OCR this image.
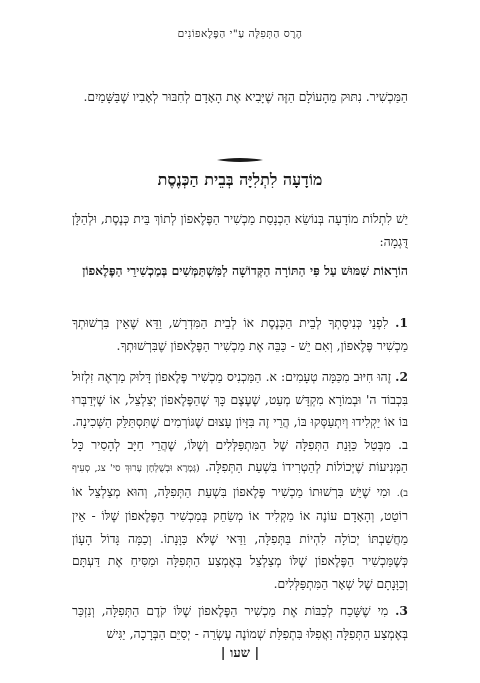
הֶרֶס הַתְּפִלָּה עַ"י הַפֶּלֶאפוֹנִים
הַמַּכְשִׁיר. נִתּוּק מֵהָעוֹלָם הַזֶּה שֶׁיָּבִיא אֶת הָאָדָם לְחִבּוּר לְאָבִיו שֶׁבַּשָּׁמַיִם.
מוֹדָעָה לִתְלִיָּה בְּבֵית הַכְּנֶסֶת
יֵשׁ לִתְלוֹת מוֹדָעָה בְּנוֹשֵׂא הַכְנָסַת מַכְשִׁיר הַפֶּלֶאפוֹן לְתוֹךְ בֵּית כְּנֶסֶת, וּלְהַלָּן דֻּגְמָה:
הוֹרָאוֹת שִׁמּוּשׁ עַל פִּי הַתּוֹרָה הַקְּדוֹשָׁה לַמִּשְׁתַּמְּשִׁים בְּמַכְשִׁירֵי הַפֶּלֶאפוֹן
1. לִפְנֵי כְּנִיסָתְךָ לְבֵית הַכְּנֶסֶת אוֹ לְבֵית הַמִּדְרָשׁ, וַדֵּא שֶׁאֵין בִּרְשׁוּתְךָ מַכְשִׁיר פֶּלֶאפוֹן, וְאִם יֵשׁ - כַּבֵּה אֶת מַכְשִׁיר הַפֶּלֶאפוֹן שֶׁבִּרְשׁוּתְךָ.
2. זֶהוּ חִיּוּב מִכַּמָּה טְעָמִים: א. הַמַּכְנִיס מַכְשִׁיר פֶּלֶאפוֹן דָּלוּק מַרְאֶה זִלְזוּל בִּכְבוֹד ה' וּבְמוֹרָא מִקְדָּשׁ מְעַט, שֶׁעֶצֶם כָּךְ שֶׁהַפֶּלֶאפוֹן יְצַלְצֵל, אוֹ שֶׁיְּדַבְּרוּ בּוֹ אוֹ יַקְלִידוּ וְיִתְעַסְּקוּ בּוֹ, הֲרֵי זֶה בִּזָּיוֹן עָצוּם שֶׁגּוֹרְמִים שֶׁתִּסְתַּלֵּק הַשְּׁכִינָה. ב. מִבְּטַל כַּוָּנַת הַתְּפִלָּה שֶׁל הַמִּתְפַּלְּלִים וְשֶׁלּוֹ, שֶׁהֲרֵי חַיָּב לְהָסִיר כָּל הַמְּנִיעוֹת שֶׁיְּכוֹלוֹת לְהַטְרִידוֹ בִּשְׁעַת הַתְּפִלָּה. (גְּמָרָא וּבְשֻׁלְחָן עָרוּךְ סי' צג, סְעִיף ב). וּמִי שֶׁיֵּשׁ בִּרְשׁוּתוֹ מַכְשִׁיר פֶּלֶאפוֹן בִּשְׁעַת הַתְּפִלָּה, וְהוּא מְצַלְצֵל אוֹ רוֹטֵט, וְהָאָדָם עוֹנֶה אוֹ מַקְלִיד אוֹ מְשַׂחֵק בְּמַכְשִׁיר הַפֶּלֶאפוֹן שֶׁלּוֹ - אֵין מַחֲשַׁבְתּוֹ יְכוֹלָה לִהְיוֹת בַּתְּפִלָּה, וַדַּאי שֶׁלֹּא כַּוָּנָתוֹ. וְכַמָּה גָּדוֹל הָעָוֹן כְּשֶׁמַּכְשִׁיר הַפֶּלֶאפוֹן שֶׁלּוֹ מְצַלְצֵל בְּאֶמְצַע הַתְּפִלָּה וּמַסִּיחַ אֶת דַּעְתָּם וְכַוָּנָתָם שֶׁל שְׁאָר הַמִּתְפַּלְּלִים.
3. מִי שֶׁשָּׁכַח לְכַבּוֹת אֶת מַכְשִׁיר הַפֶּלֶאפוֹן שֶׁלּוֹ קֹדֶם הַתְּפִלָּה, וְנִזְכַּר בְּאֶמְצַע הַתְּפִלָּה וַאֲפִלּוּ בִּתְפִלַּת שְׁמוֹנֶה עֶשְׂרֵה - יְסַיֵּם הַבְּרָכָה, יַגִּישׁ
| שעו |
